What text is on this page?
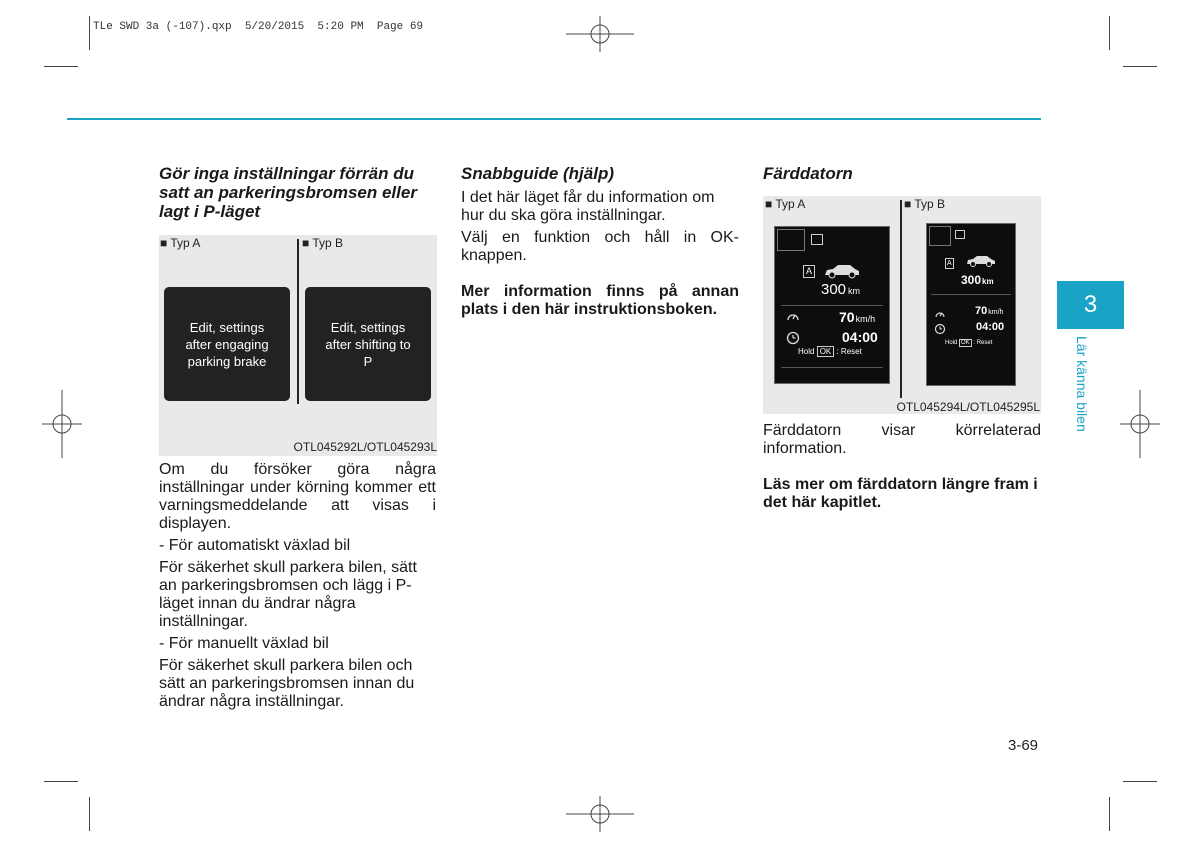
TLe SWD 3a (-107).qxp  5/20/2015  5:20 PM  Page 69
Gör inga inställningar förrän du satt an parkeringsbromsen eller lagt i P-läget
■ Typ A	■ Typ B
Edit, settings after engaging parking brake
Edit, settings after shifting to P
OTL045292L/OTL045293L

Om du försöker göra några inställningar under körning kommer ett varningsmeddelande att visas i displayen.

- För automatiskt växlad bil

För säkerhet skull parkera bilen, sätt an parkeringsbromsen och lägg i P-läget innan du ändrar några inställningar.

- För manuellt växlad bil

För säkerhet skull parkera bilen och sätt an parkeringsbromsen innan du ändrar några inställningar.

Snabbguide (hjälp)

I det här läget får du information om hur du ska göra inställningar.

Välj en funktion och håll in OK-knappen.

Mer information finns på annan plats i den här instruktionsboken.

Färddatorn
■ Typ A	■ Typ B
A
300 km
70km/h
04:00
Hold OK : Reset
A
300km
70km/h
04:00
Hold OK : Reset
OTL045294L/OTL045295L

Färddatorn visar körrelaterad information.

Läs mer om färddatorn längre fram i det här kapitlet.

3
Lär känna bilen
3-69
